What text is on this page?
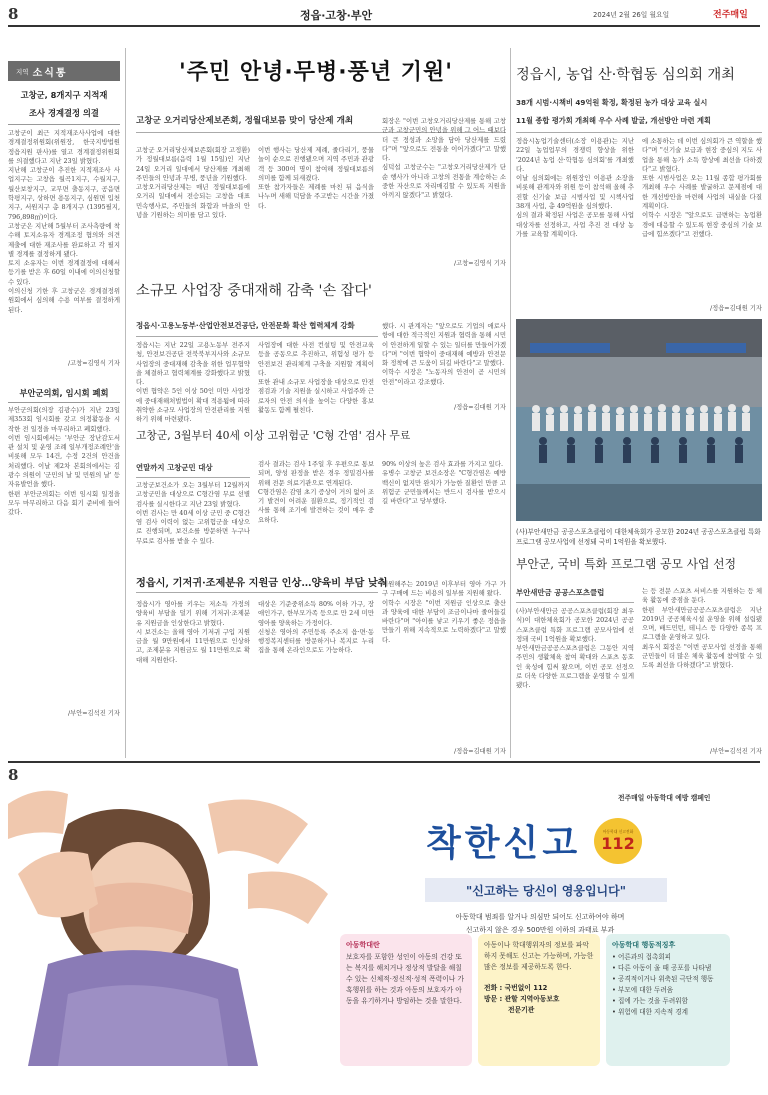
8	정읍·고창·부안	2024년 2월 26일 월요일	전주매일
지역 소식통
고창군, 8개지구 지적재
조사 경계결정 의결
고창군이 최근 지적재조사사업에 대한 경계결정위원회(위원장, 한국지방법원 정읍지원 판사)를 열고 경계결정위원회를 의결했다고 지난 23일 밝혔다.
지난해 고창군이 추진한 지적재조사 사업지구는 고창읍 월곡1지구, 수월지구, 월산보창지구, 교무면 출동지구, 공음면 학평지구, 상하면 용동지구, 심원면 입천지구, 서원지구 총 8개지구 (1395필지, 796,898㎡)이다.
고창군은 지난해 5월부터 조사측량에 착수해 토지소유자 경계조정 협의와 의견제출에 대한 재조사를 완료하고 각 필지별 경계를 결정하게 됐다.
토지 소유자는 이번 경계결정에 대해서 등기를 받은 후 60일 이내에 이의신청할 수 있다.
이의신청 기한 후 고창군은 경계결정위원회에서 심의해 수용 여부를 결정하게 된다.
/고창=김영식 기자
부안군의회, 임시회 폐회
부안군의회(의장 김광수)가 지난 23일 제353회 임시회를 갖고 의정활동을 시작한 전 일정을 마무리하고 폐회했다.
이번 임시회에서는 '부안군 장난감도서관 설치 및 운영 조례 일부개정조례안'을 비롯해 모두 14건, 수정 2건의 안건을 처리했다. 이날 제2차 본회의에서는 김광수 의원이 '군민의 날 및 민원의 날' 등 자유발언을 했다.
한편 부안군의회는 이번 임시회 일정을 모두 마무리하고 다음 회기 준비에 들어갔다.
/부안=김석진 기자
'주민 안녕·무병·풍년 기원'
고창군 오거리당산제보존회, 정월대보름 맞이 당산제 개최
고창군 오거리당산제보존회(회장 고정환)가 정월대보름(음력 1월 15일)인 지난 24일 오거리 일대에서 당산제를 개최해 주민들의 안녕과 무병, 풍년을 기원했다.
고창오거리당산제는 매년 정월대보름에 오거리 일대에서 전승되는 고창읍 대표 민속행사로, 주민들의 화합과 마을의 안녕을 기원하는 의미를 담고 있다.
이번 행사는 당산제 제례, 줄다리기, 풍물놀이 순으로 진행됐으며 지역 주민과 관광객 등 300여 명이 참여해 정월대보름의 의미를 함께 되새겼다.
또한 참가자들은 제례를 마친 뒤 음식을 나누며 새해 덕담을 주고받는 시간을 가졌다.
회장은 "이번 고창오거리당산제를 통해 고창군과 고창군민의 안녕을 위해 그 어느 때보다 더 큰 정성과 소망을 담아 당산제를 드렸다"며 "앞으로도 전통을 이어가겠다"고 말했다.
심덕섭 고창군수는 "고창오거리당산제가 단순 행사가 아니라 고창의 전통을 계승하는 소중한 자산으로 자리매김할 수 있도록 지원을 아끼지 않겠다"고 밝혔다.
/고창=김영식 기자
정읍시, 농업 산·학협동 심의회 개최
38개 시범·시책비 49억원 확정, 확정된 농가 대상 교육 실시
11월 종합 평가회 개최해 우수 사례 발굴, 개선방안 마련 계획
정읍시농업기술센터(소장 이용관)는 지난 22일 농업업무의 경쟁력 향상을 위한 '2024년 농업 산·학협동 심의회'를 개최했다.
이날 심의회에는 위원장인 이용관 소장을 비롯해 관계자와 위원 등이 참석해 올해 추진할 신기술 보급 시범사업 및 시책사업 38개 사업, 총 49억원을 심의했다.
심의 결과 확정된 사업은 공모를 통해 사업 대상자를 선정하고, 사업 추진 전 대상 농가를 교육할 계획이다.
에 소통하는 데 이번 심의회가 큰 역할을 했다"며 "신기술 보급과 현장 중심의 지도 사업을 통해 농가 소득 향상에 최선을 다하겠다"고 밝혔다.
또한 시범사업은 오는 11월 종합 평가회를 개최해 우수 사례를 발굴하고 문제점에 대한 개선방안을 마련해 사업의 내실을 다질 계획이다.
이학수 시장은 "앞으로도 급변하는 농업환경에 대응할 수 있도록 현장 중심의 기술 보급에 힘쓰겠다"고 전했다.
/정읍=김대원 기자
(사)부안새만금 공공스포츠클럽이 대한체육회가 공모한 2024년 공공스포츠클럽 특화 프로그램 공모사업에 선정돼 국비 1억원을 확보했다.
소규모 사업장 중대재해 감축 '손 잡다'
정읍시·고용노동부·산업안전보건공단, 안전문화 확산 협력체계 강화
정읍시는 지난 22일 고용노동부 전주지청, 안전보건공단 전북북부지사와 소규모 사업장의 중대재해 감축을 위한 업무협약을 체결하고 협력체계를 강화했다고 밝혔다.
이번 협약은 5인 이상 50인 미만 사업장에 중대재해처벌법이 확대 적용됨에 따라 취약한 소규모 사업장의 안전관리를 지원하기 위해 마련됐다.
사업장에 대한 사전 컨설팅 및 안전교육 등을 공동으로 추진하고, 위험성 평가 등 안전보건 관리체계 구축을 지원할 계획이다.
또한 관내 소규모 사업장을 대상으로 안전 점검과 기술 지원을 실시하고 사업주와 근로자의 안전 의식을 높이는 다양한 홍보 활동도 함께 펼친다.
했다. 시 관계자는 "앞으로도 기업의 애로사항에 대한 적극적인 지원과 협력을 통해 시민이 안전하게 일할 수 있는 일터를 만들어가겠다"며 "이번 협약이 중대재해 예방과 안전문화 정착에 큰 도움이 되길 바란다"고 말했다.
이학수 시장은 "노동자의 안전이 곧 시민의 안전"이라고 강조했다.
/정읍=김대원 기자
고창군, 3월부터 40세 이상 고위험군 'C형 간염' 검사 무료
연말까지 고창군민 대상
고창군보건소가 오는 3월부터 12월까지 고창군민을 대상으로 C형간염 무료 선별검사를 실시한다고 지난 23일 밝혔다.
이번 검사는 만 40세 이상 군민 중 C형간염 검사 이력이 없는 고위험군을 대상으로 진행되며, 보건소를 방문하면 누구나 무료로 검사를 받을 수 있다.
검사 결과는 검사 1주일 후 우편으로 통보되며, 양성 판정을 받은 경우 정밀검사를 위해 전문 의료기관으로 연계된다.
C형간염은 감염 초기 증상이 거의 없어 조기 발견이 어려운 질환으로, 정기적인 검사를 통해 조기에 발견하는 것이 매우 중요하다.
90% 이상의 높은 검사 효과를 가지고 있다.
유병수 고창군 보건소장은 "C형간염은 예방백신이 없지만 완치가 가능한 질환인 만큼 고위험군 군민들께서는 반드시 검사를 받으시길 바란다"고 당부했다.
정읍시, 기저귀·조제분유 지원금 인상…양육비 부담 낮춰
정읍시가 영아를 키우는 저소득 가정의 양육비 부담을 덜기 위해 기저귀·조제분유 지원금을 인상한다고 밝혔다.
시 보건소는 올해 영아 기저귀 구입 지원금을 월 9만원에서 11만원으로 인상하고, 조제분유 지원금도 월 11만원으로 확대해 지원한다.
대상은 기준중위소득 80% 이하 가구, 장애인가구, 한부모가족 등으로 만 2세 미만 영아를 양육하는 가정이다.
신청은 영아의 주민등록 주소지 읍·면·동 행정복지센터를 방문하거나 복지로 누리집을 통해 온라인으로도 가능하다.
지원해주는 2019년 이후부터 영아 가구 가구 구매에 드는 비용의 일부를 지원해 왔다.
이학수 시장은 "이번 지원금 인상으로 출산과 양육에 대한 부담이 조금이나마 줄어들길 바란다"며 "아이를 낳고 키우기 좋은 정읍을 만들기 위해 지속적으로 노력하겠다"고 말했다.
/정읍=김대원 기자
부안군, 국비 특화 프로그램 공모 사업 선정
부안새만금 공공스포츠클럽
(사)부안새만금 공공스포츠클럽(회장 최우식)이 대한체육회가 공모한 2024년 공공스포츠클럽 특화 프로그램 공모사업에 선정돼 국비 1억원을 확보했다.
부안새만금공공스포츠클럽은 그동안 지역 주민의 생활체육 참여 확대와 스포츠 동호인 육성에 힘써 왔으며, 이번 공모 선정으로 더욱 다양한 프로그램을 운영할 수 있게 됐다.
는 등 전문 스포츠 서비스를 지원하는 등 체육 활동에 중점을 둔다.
한편 부안새만금공공스포츠클럽은 지난 2019년 공공체육시설 운영을 위해 설립됐으며, 배드민턴, 테니스 등 다양한 종목 프로그램을 운영하고 있다.
최우식 회장은 "이번 공모사업 선정을 통해 군민들이 더 많은 체육 활동에 참여할 수 있도록 최선을 다하겠다"고 밝혔다.
/부안=김석진 기자
8
전주매일 아동학대 예방 캠페인
착한신고	아동학대 신고전화
112
"신고하는 당신이 영웅입니다"
아동학대 범죄를 알거나 의심만 되어도 신고하여야 하며
신고하지 않은 경우 500만원 이하의 과태료 부과
아동학대란
보호자를 포함한 성인이 아동의 건강 또는 복지를 해치거나 정상적 발달을 해칠 수 있는 신체적·정신적·성적 폭력이나 가혹행위를 하는 것과 아동의 보호자가 아동을 유기하거나 방임하는 것을 말한다.
아동이나 학대행위자의 정보를 파악하지 못해도 신고는 가능하며, 가능한 많은 정보를 제공하도록 한다.
전화 : 국번없이 112
방문 : 관할 지역아동보호
전문기관
아동학대 행동적징후
• 어른과의 접촉회피
• 다른 아동이 울 때 공포를 나타냄
• 공격적이거나 위축된 극단적 행동
• 부모에 대한 두려움
• 집에 가는 것을 두려워함
• 위험에 대한 지속적 경계
